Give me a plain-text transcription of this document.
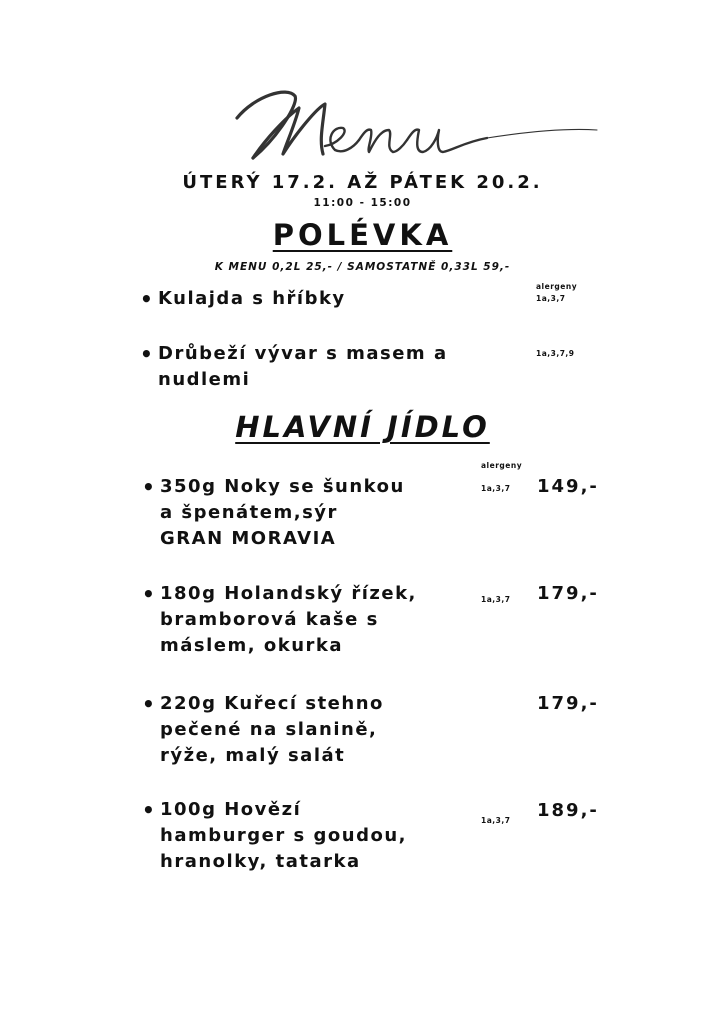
ÚTERÝ 17.2. AŽ PÁTEK 20.2.
11:00 - 15:00
POLÉVKA
K MENU 0,2L 25,- / SAMOSTATNĚ 0,33L 59,-
alergeny
• Kulajda s hříbky	1a,3,7
• Drůbeží vývar s masem a
nudlemi
1a,3,7,9
HLAVNÍ JÍDLO
alergeny
• 350g Noky se šunkou
a špenátem,sýr
GRAN MORAVIA
1a,3,7 149,-
• 180g Holandský řízek,
bramborová kaše s
máslem, okurka
1a,3,7 179,-
• 220g Kuřecí stehno
pečené na slanině,
rýže, malý salát
179,-
• 100g Hovězí
hamburger s goudou,
hranolky, tatarka
1a,3,7 189,-
